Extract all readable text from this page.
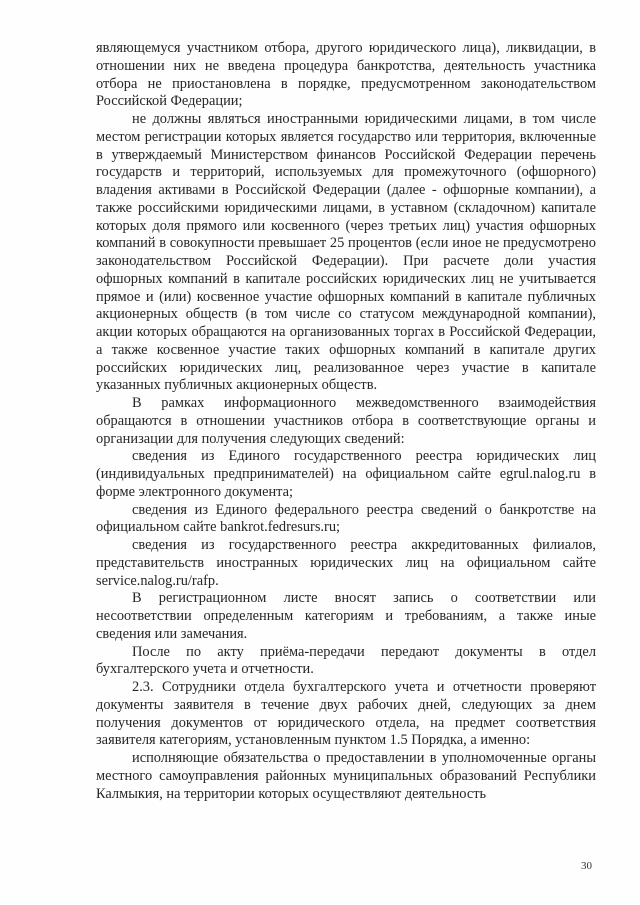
являющемуся участником отбора, другого юридического лица), ликвидации, в отношении них не введена процедура банкротства, деятельность участника отбора не приостановлена в порядке, предусмотренном законодательством Российской Федерации;

не должны являться иностранными юридическими лицами, в том числе местом регистрации которых является государство или территория, включенные в утверждаемый Министерством финансов Российской Федерации перечень государств и территорий, используемых для промежуточного (офшорного) владения активами в Российской Федерации (далее - офшорные компании), а также российскими юридическими лицами, в уставном (складочном) капитале которых доля прямого или косвенного (через третьих лиц) участия офшорных компаний в совокупности превышает 25 процентов (если иное не предусмотрено законодательством Российской Федерации). При расчете доли участия офшорных компаний в капитале российских юридических лиц не учитывается прямое и (или) косвенное участие офшорных компаний в капитале публичных акционерных обществ (в том числе со статусом международной компании), акции которых обращаются на организованных торгах в Российской Федерации, а также косвенное участие таких офшорных компаний в капитале других российских юридических лиц, реализованное через участие в капитале указанных публичных акционерных обществ.

В рамках информационного межведомственного взаимодействия обращаются в отношении участников отбора в соответствующие органы и организации для получения следующих сведений:

сведения из Единого государственного реестра юридических лиц (индивидуальных предпринимателей) на официальном сайте egrul.nalog.ru в форме электронного документа;

сведения из Единого федерального реестра сведений о банкротстве на официальном сайте bankrot.fedresurs.ru;

сведения из государственного реестра аккредитованных филиалов, представительств иностранных юридических лиц на официальном сайте service.nalog.ru/rafp.

В регистрационном листе вносят запись о соответствии или несоответствии определенным категориям и требованиям, а также иные сведения или замечания.

После по акту приёма-передачи передают документы в отдел бухгалтерского учета и отчетности.

2.3. Сотрудники отдела бухгалтерского учета и отчетности проверяют документы заявителя в течение двух рабочих дней, следующих за днем получения документов от юридического отдела, на предмет соответствия заявителя категориям, установленным пунктом 1.5 Порядка, а именно:

исполняющие обязательства о предоставлении в уполномоченные органы местного самоуправления районных муниципальных образований Республики Калмыкия, на территории которых осуществляют деятельность

30
